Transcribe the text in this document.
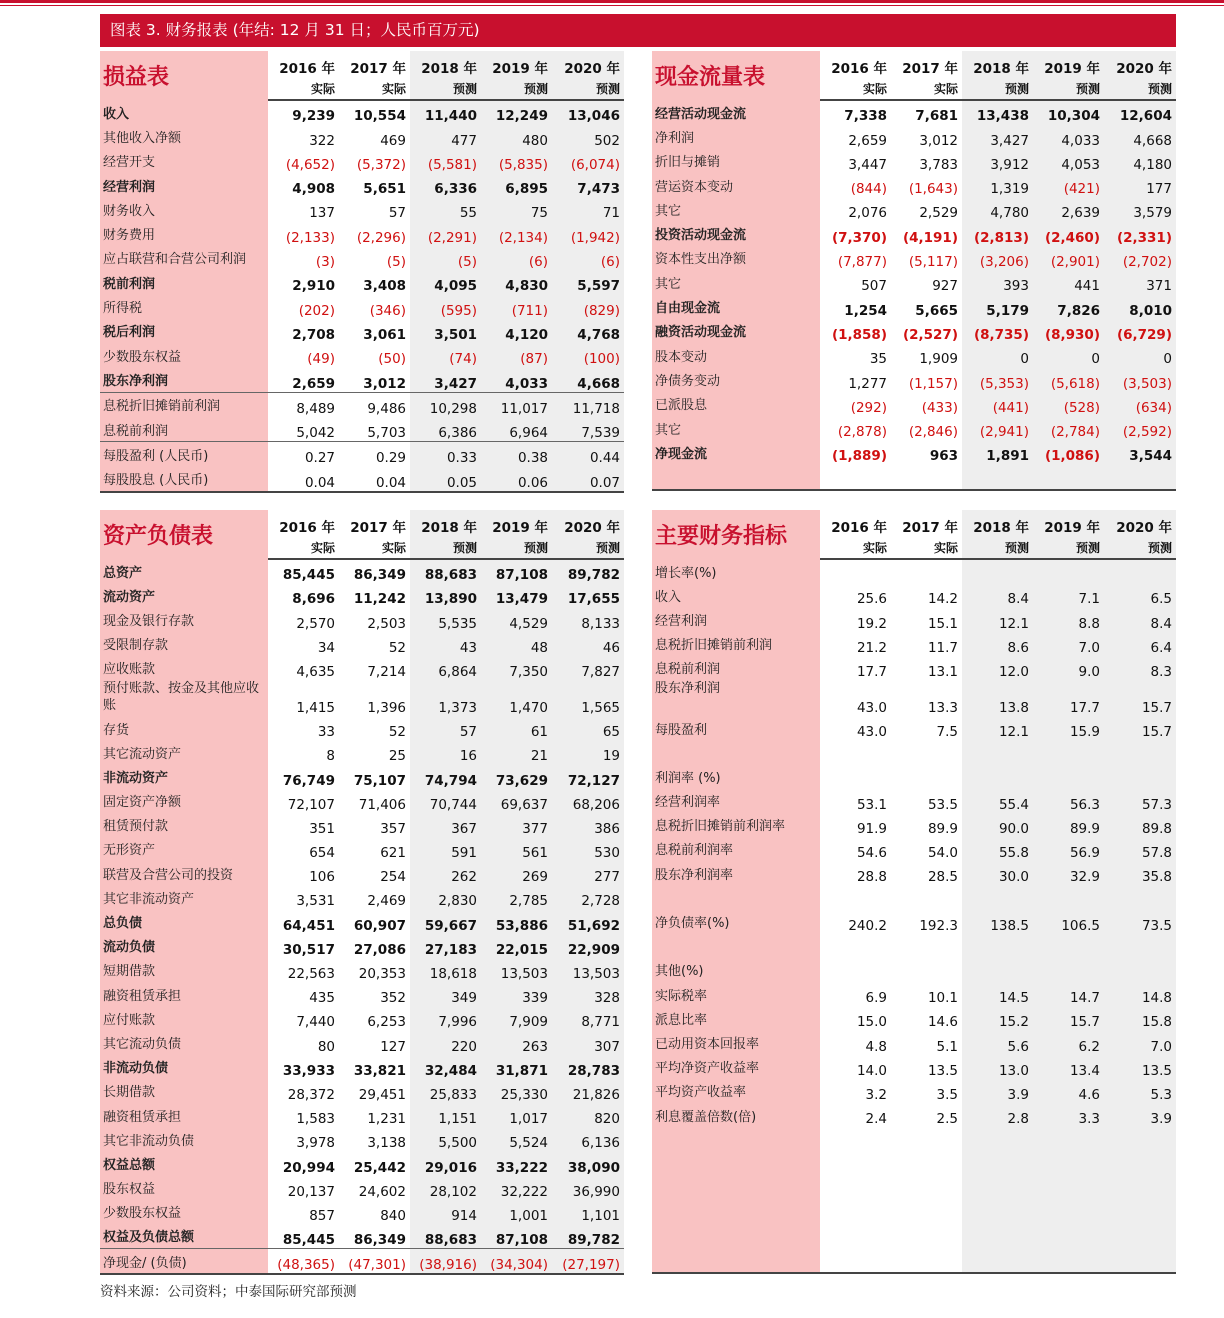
图表 3. 财务报表 (年结: 12 月 31 日；人民币百万元)
损益表	2016 年	2017 年	2018 年	2019 年	2020 年
	实际	实际	预测	预测	预测
收入	9,239	10,554	11,440	12,249	13,046
其他收入净额	322	469	477	480	502
经营开支	(4,652)	(5,372)	(5,581)	(5,835)	(6,074)
经营利润	4,908	5,651	6,336	6,895	7,473
财务收入	137	57	55	75	71
财务费用	(2,133)	(2,296)	(2,291)	(2,134)	(1,942)
应占联营和合营公司利润	(3)	(5)	(5)	(6)	(6)
税前利润	2,910	3,408	4,095	4,830	5,597
所得税	(202)	(346)	(595)	(711)	(829)
税后利润	2,708	3,061	3,501	4,120	4,768
少数股东权益	(49)	(50)	(74)	(87)	(100)
股东净利润	2,659	3,012	3,427	4,033	4,668
息税折旧摊销前利润	8,489	9,486	10,298	11,017	11,718
息税前利润	5,042	5,703	6,386	6,964	7,539
每股盈利 (人民币)	0.27	0.29	0.33	0.38	0.44
每股股息 (人民币)	0.04	0.04	0.05	0.06	0.07
现金流量表	2016 年	2017 年	2018 年	2019 年	2020 年
	实际	实际	预测	预测	预测
经营活动现金流	7,338	7,681	13,438	10,304	12,604
净利润	2,659	3,012	3,427	4,033	4,668
折旧与摊销	3,447	3,783	3,912	4,053	4,180
营运资本变动	(844)	(1,643)	1,319	(421)	177
其它	2,076	2,529	4,780	2,639	3,579
投资活动现金流	(7,370)	(4,191)	(2,813)	(2,460)	(2,331)
资本性支出净额	(7,877)	(5,117)	(3,206)	(2,901)	(2,702)
其它	507	927	393	441	371
自由现金流	1,254	5,665	5,179	7,826	8,010
融资活动现金流	(1,858)	(2,527)	(8,735)	(8,930)	(6,729)
股本变动	35	1,909	0	0	0
净债务变动	1,277	(1,157)	(5,353)	(5,618)	(3,503)
已派股息	(292)	(433)	(441)	(528)	(634)
其它	(2,878)	(2,846)	(2,941)	(2,784)	(2,592)
净现金流	(1,889)	963	1,891	(1,086)	3,544

资产负债表	2016 年	2017 年	2018 年	2019 年	2020 年
	实际	实际	预测	预测	预测
总资产	85,445	86,349	88,683	87,108	89,782
流动资产	8,696	11,242	13,890	13,479	17,655
现金及银行存款	2,570	2,503	5,535	4,529	8,133
受限制存款	34	52	43	48	46
应收账款	4,635	7,214	6,864	7,350	7,827
预付账款、按金及其他应收账	1,415	1,396	1,373	1,470	1,565
存货	33	52	57	61	65
其它流动资产	8	25	16	21	19
非流动资产	76,749	75,107	74,794	73,629	72,127
固定资产净额	72,107	71,406	70,744	69,637	68,206
租赁预付款	351	357	367	377	386
无形资产	654	621	591	561	530
联营及合营公司的投资	106	254	262	269	277
其它非流动资产	3,531	2,469	2,830	2,785	2,728
总负债	64,451	60,907	59,667	53,886	51,692
流动负债	30,517	27,086	27,183	22,015	22,909
短期借款	22,563	20,353	18,618	13,503	13,503
融资租赁承担	435	352	349	339	328
应付账款	7,440	6,253	7,996	7,909	8,771
其它流动负债	80	127	220	263	307
非流动负债	33,933	33,821	32,484	31,871	28,783
长期借款	28,372	29,451	25,833	25,330	21,826
融资租赁承担	1,583	1,231	1,151	1,017	820
其它非流动负债	3,978	3,138	5,500	5,524	6,136
权益总额	20,994	25,442	29,016	33,222	38,090
股东权益	20,137	24,602	28,102	32,222	36,990
少数股东权益	857	840	914	1,001	1,101
权益及负债总额	85,445	86,349	88,683	87,108	89,782
净现金/ (负债)	(48,365)	(47,301)	(38,916)	(34,304)	(27,197)
主要财务指标	2016 年	2017 年	2018 年	2019 年	2020 年
	实际	实际	预测	预测	预测
增长率(%)					
收入	25.6	14.2	8.4	7.1	6.5
经营利润	19.2	15.1	12.1	8.8	8.4
息税折旧摊销前利润	21.2	11.7	8.6	7.0	6.4
息税前利润	17.7	13.1	12.0	9.0	8.3
股东净利润	43.0	13.3	13.8	17.7	15.7
每股盈利	43.0	7.5	12.1	15.9	15.7

利润率 (%)					
经营利润率	53.1	53.5	55.4	56.3	57.3
息税折旧摊销前利润率	91.9	89.9	90.0	89.9	89.8
息税前利润率	54.6	54.0	55.8	56.9	57.8
股东净利润率	28.8	28.5	30.0	32.9	35.8

净负债率(%)	240.2	192.3	138.5	106.5	73.5

其他(%)					
实际税率	6.9	10.1	14.5	14.7	14.8
派息比率	15.0	14.6	15.2	15.7	15.8
已动用资本回报率	4.8	5.1	5.6	6.2	7.0
平均净资产收益率	14.0	13.5	13.0	13.4	13.5
平均资产收益率	3.2	3.5	3.9	4.6	5.3
利息覆盖倍数(倍)	2.4	2.5	2.8	3.3	3.9

资料来源：公司资料；中泰国际研究部预测
